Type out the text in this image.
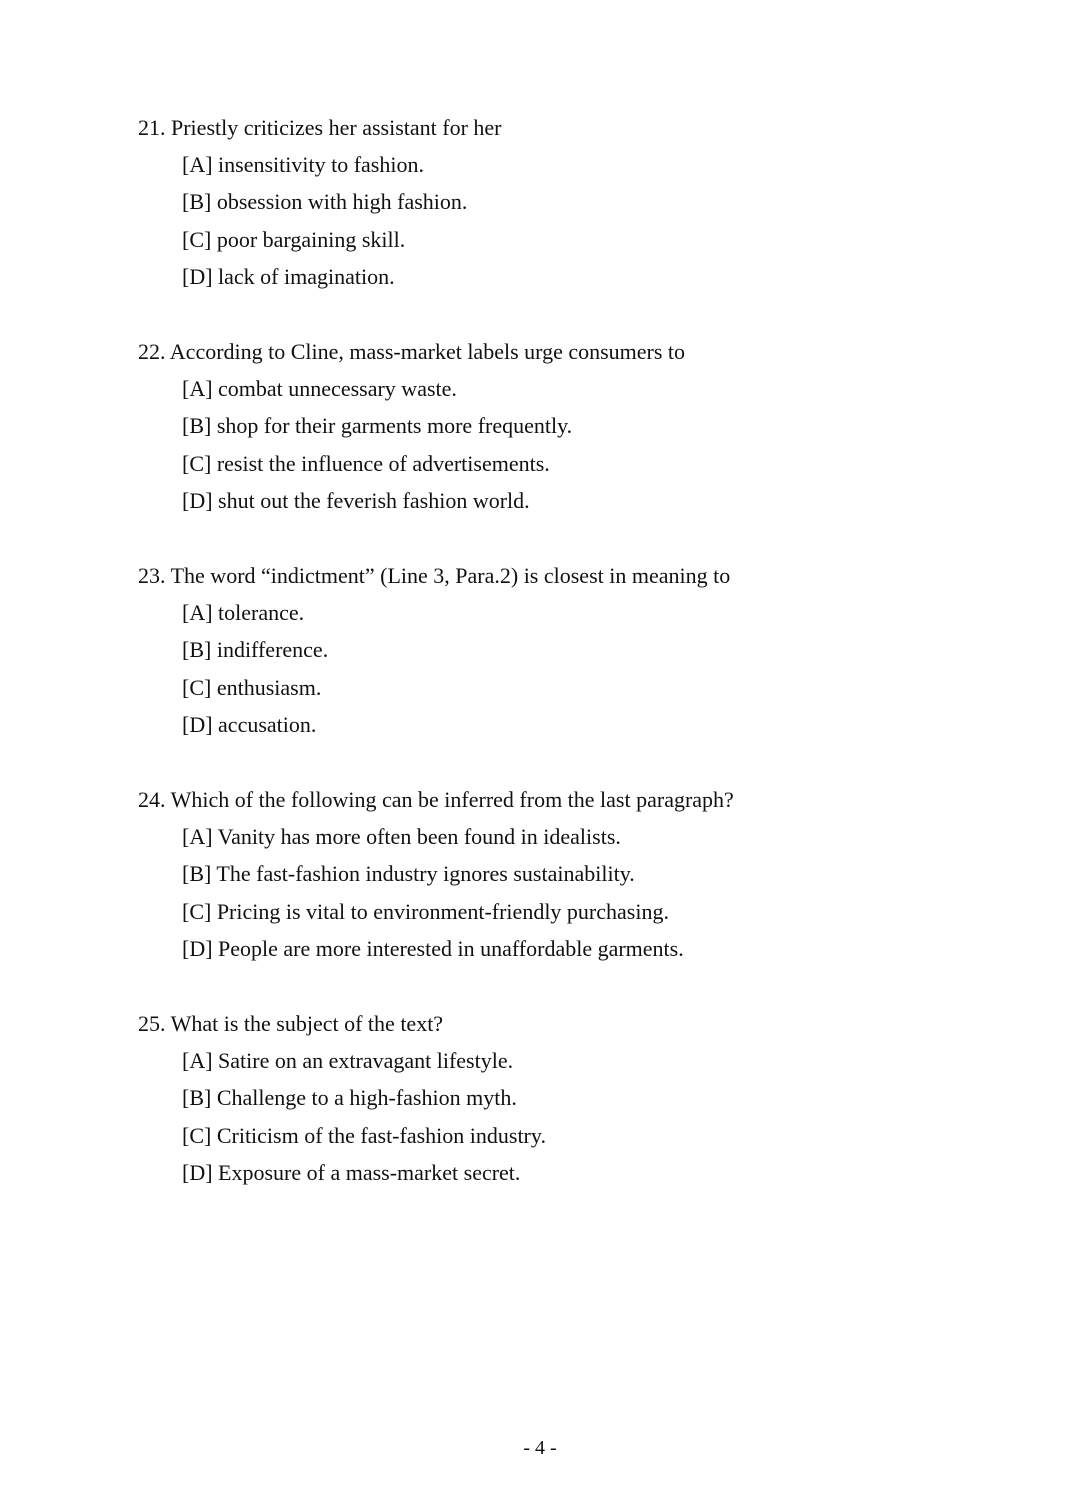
21. Priestly criticizes her assistant for her
[A] insensitivity to fashion.
[B] obsession with high fashion.
[C] poor bargaining skill.
[D] lack of imagination.
22. According to Cline, mass-market labels urge consumers to
[A] combat unnecessary waste.
[B] shop for their garments more frequently.
[C] resist the influence of advertisements.
[D] shut out the feverish fashion world.
23. The word “indictment” (Line 3, Para.2) is closest in meaning to
[A] tolerance.
[B] indifference.
[C] enthusiasm.
[D] accusation.
24. Which of the following can be inferred from the last paragraph?
[A] Vanity has more often been found in idealists.
[B] The fast-fashion industry ignores sustainability.
[C] Pricing is vital to environment-friendly purchasing.
[D] People are more interested in unaffordable garments.
25. What is the subject of the text?
[A] Satire on an extravagant lifestyle.
[B] Challenge to a high-fashion myth.
[C] Criticism of the fast-fashion industry.
[D] Exposure of a mass-market secret.
- 4 -
